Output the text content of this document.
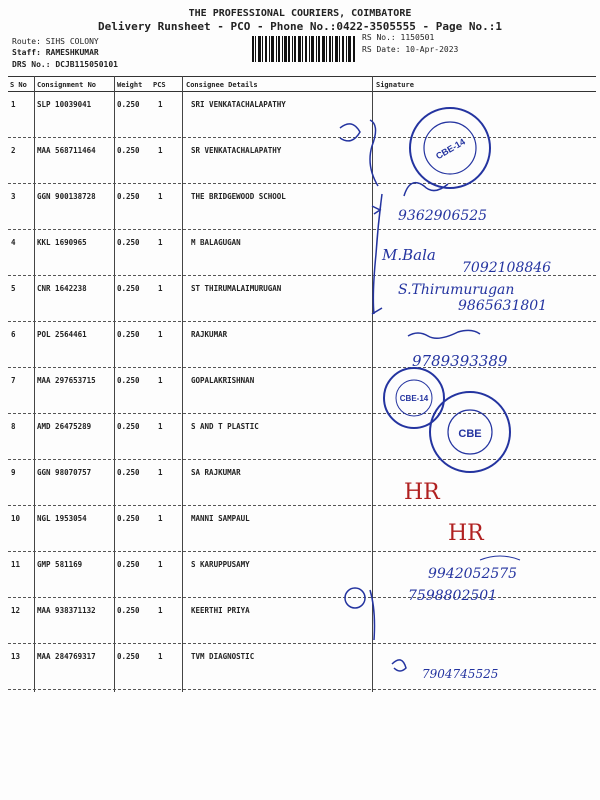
THE PROFESSIONAL COURIERS, COIMBATORE
Delivery Runsheet - PCO - Phone No.:0422-3505555 - Page No.:1
Route: SIHS COLONY
Staff: RAMESHKUMAR
DRS No.: DCJB115050101
RS No.: 1150501
RS Date: 10-Apr-2023
S No Consignment No	Weight PCS	Consignee Details	Signature
1	SLP 10039041	0.250 1	SRI VENKATACHALAPATHY
2	MAA 568711464	0.250 1	SR VENKATACHALAPATHY
3	GGN 900138728	0.250 1	THE BRIDGEWOOD SCHOOL
4	KKL 1690965	0.250 1	M BALAGUGAN
5	CNR 1642238	0.250 1	ST THIRUMALAIMURUGAN
6	POL 2564461	0.250 1	RAJKUMAR
7	MAA 297653715	0.250 1	GOPALAKRISHNAN
8	AMD 26475289	0.250 1	S AND T PLASTIC
9	GGN 98070757	0.250 1	SA RAJKUMAR
10 NGL 1953054	0.250 1	MANNI SAMPAUL
11 GMP 581169	0.250 1	S KARUPPUSAMY
12 MAA 938371132	0.250 1	KEERTHI PRIYA
13 MAA 284769317	0.250 1	TVM DIAGNOSTIC
9362906525
M.Bala
7092108846
S.Thirumurugan
9865631801
9789393389
HR
HR
9942052575
7598802501
7904745525
CBE-14
CBE-14
CBE
